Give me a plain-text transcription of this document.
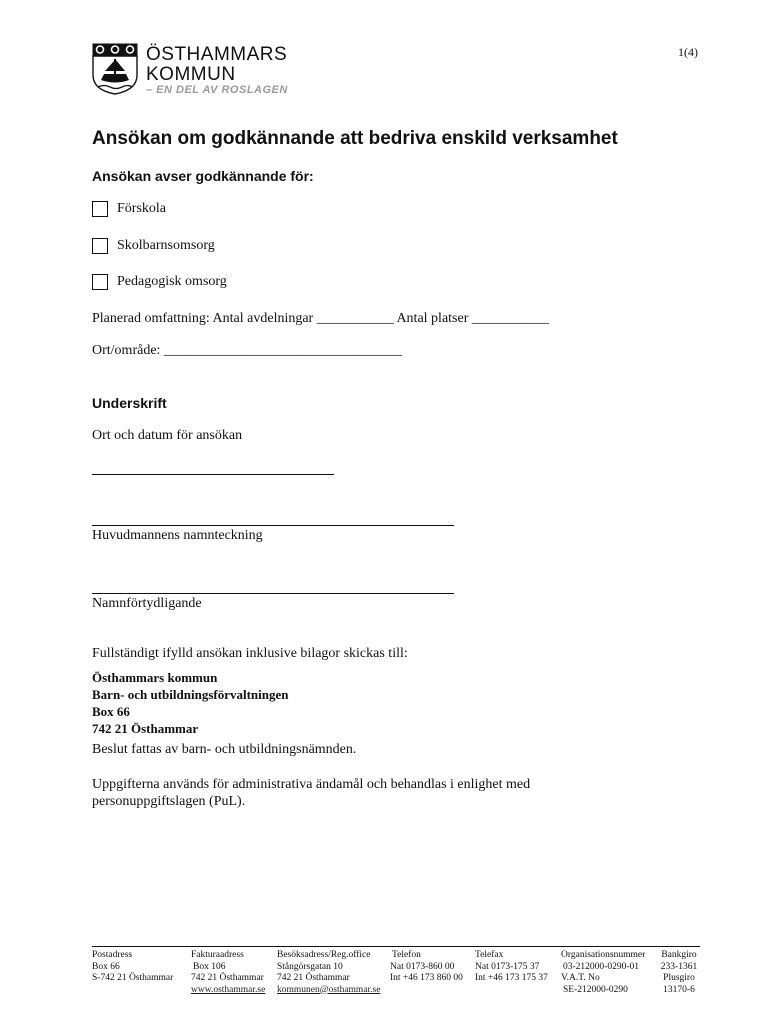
ÖSTHAMMARS
KOMMUN
– EN DEL AV ROSLAGEN
1(4)
Ansökan om godkännande att bedriva enskild verksamhet
Ansökan avser godkännande för:
Förskola
Skolbarnsomsorg
Pedagogisk omsorg
Planerad omfattning: Antal avdelningar ___________ Antal platser ___________
Ort/område: __________________________________
Underskrift
Ort och datum för ansökan
Huvudmannens namnteckning
Namnförtydligande
Fullständigt ifylld ansökan inklusive bilagor skickas till:
Östhammars kommun
Barn- och utbildningsförvaltningen
Box 66
742 21 Östhammar
Beslut fattas av barn- och utbildningsnämnden.
Uppgifterna används för administrativa ändamål och behandlas i enlighet med
personuppgiftslagen (PuL).
Postadress
Box 66
S-742 21 Östhammar
Fakturaadress
Box 106
742 21 Östhammar
www.osthammar.se
Besöksadress/Reg.office
Stångörsgatan 10
742 21 Östhammar
kommunen@osthammar.se
Telefon
Nat 0173-860 00
Int +46 173 860 00
Telefax
Nat 0173-175 37
Int +46 173 175 37
Organisationsnummer
03-212000-0290-01
V.A.T. No
SE-212000-0290
Bankgiro
233-1361
Plusgiro
13170-6
